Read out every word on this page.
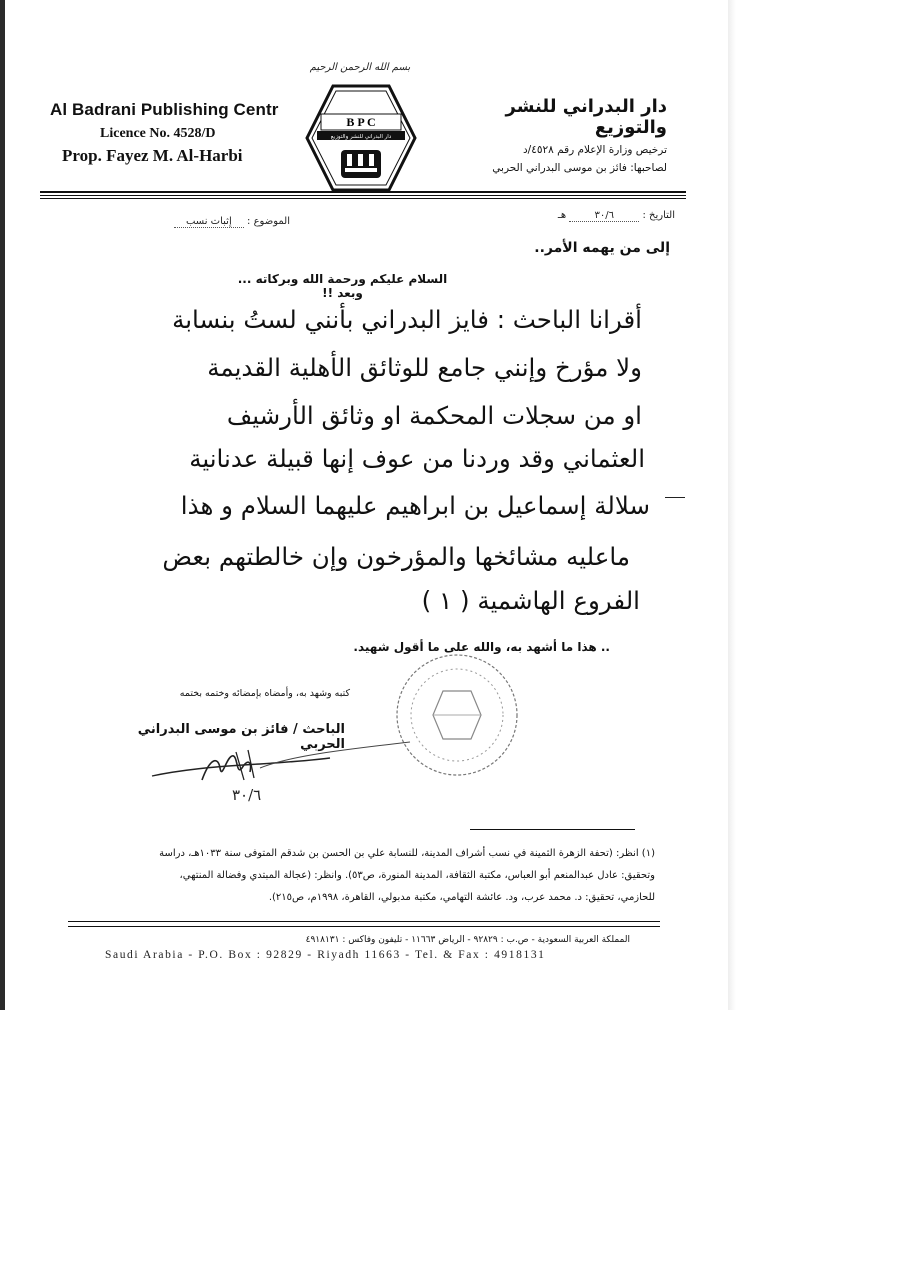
بسم الله الرحمن الرحيم
Al Badrani Publishing Centr
Licence No. 4528/D
Prop. Fayez M. Al-Harbi
B P C
دار البدراني للنشر والتوزيع
دار البدراني للنشر والتوزيع
ترخيص وزارة الإعلام رقم ٤٥٢٨/د
لصاحبها: فائز بن موسى البدراني الحربي
التاريخ : ٣٠/٦ هـ
الموضوع : إثبات نسب
إلى من يهمه الأمر..
السلام عليكم ورحمة الله وبركاته ... وبعد !!
أقرانا الباحث : فايز البدراني بأنني لستُ بنسابة
ولا مؤرخ وإنني جامع للوثائق الأهلية القديمة
او من سجلات المحكمة او وثائق الأرشيف
العثماني وقد وردنا من عوف إنها قبيلة عدنانية
سلالة إسماعيل بن ابراهيم عليهما السلام و هذا
ماعليه مشائخها والمؤرخون وإن خالطتهم بعض
الفروع الهاشمية ( ١ )
.. هذا ما أشهد به، والله على ما أقول شهيد.
كتبه وشهد به، وأمضاه بإمضائه وختمه بختمه
الباحث / فائز بن موسى البدراني الحربي
٣٠/٦
(١) انظر: (تحفة الزهرة الثمينة في نسب أشراف المدينة، للنسابة علي بن الحسن بن شدقم المتوفى سنة ١٠٣٣هـ، دراسة
وتحقيق: عادل عبدالمنعم أبو العباس، مكتبة الثقافة، المدينة المنورة، ص٥٣). وانظر: (عجالة المبتدي وفضالة المنتهي،
للحازمي، تحقيق: د. محمد عرب، ود. عائشة التهامي، مكتبة مدبولي، القاهرة، ١٩٩٨م، ص٢١٥).
المملكة العربية السعودية - ص.ب : ٩٢٨٢٩ - الرياض ١١٦٦٣ - تليفون وفاكس : ٤٩١٨١٣١
Saudi Arabia - P.O. Box : 92829 - Riyadh 11663 - Tel. & Fax : 4918131
